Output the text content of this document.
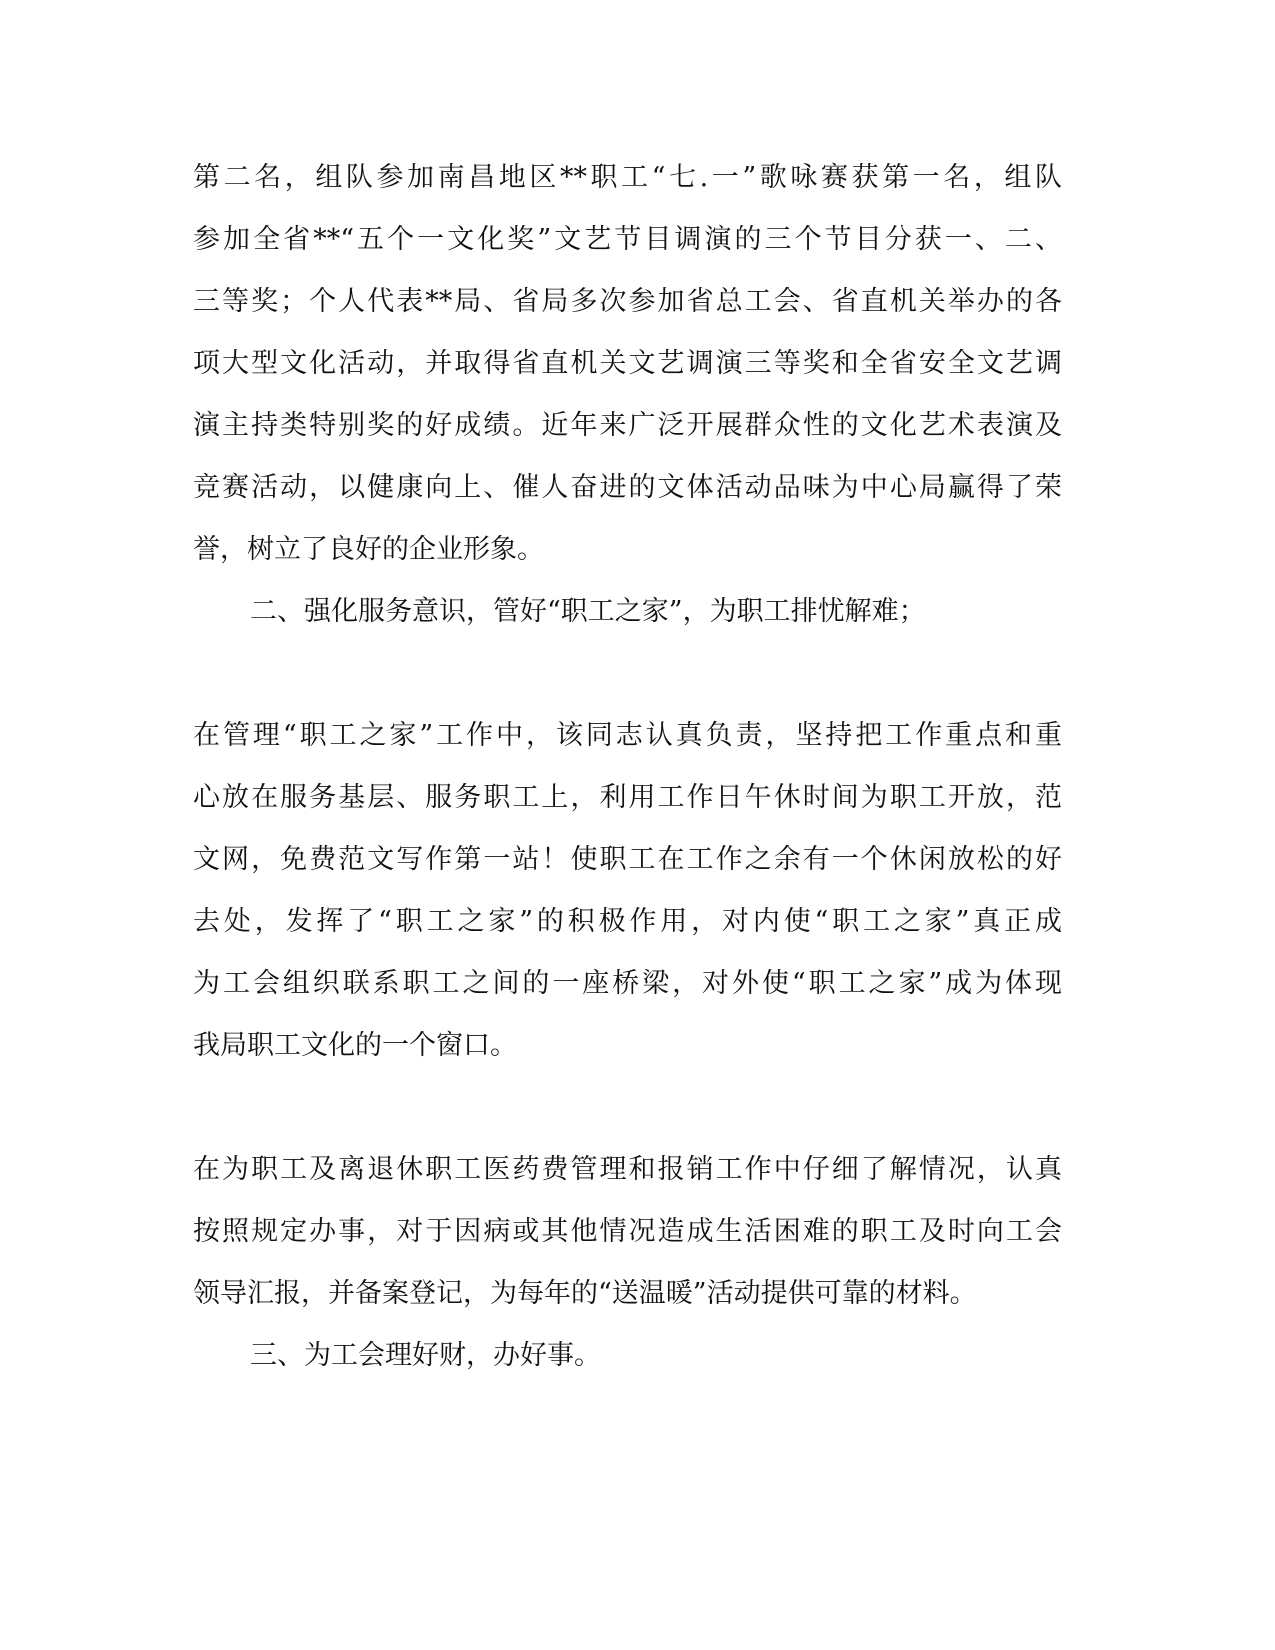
第二名，组队参加南昌地区**职工“七.一”歌咏赛获第一名，组队

参加全省**“五个一文化奖”文艺节目调演的三个节目分获一、二、

三等奖；个人代表**局、省局多次参加省总工会、省直机关举办的各

项大型文化活动，并取得省直机关文艺调演三等奖和全省安全文艺调

演主持类特别奖的好成绩。近年来广泛开展群众性的文化艺术表演及

竞赛活动，以健康向上、催人奋进的文体活动品味为中心局赢得了荣

誉，树立了良好的企业形象。

二、强化服务意识，管好“职工之家”，为职工排忧解难；

在管理“职工之家”工作中，该同志认真负责，坚持把工作重点和重

心放在服务基层、服务职工上，利用工作日午休时间为职工开放，范

文网，免费范文写作第一站！使职工在工作之余有一个休闲放松的好

去处，发挥了“职工之家”的积极作用，对内使“职工之家”真正成

为工会组织联系职工之间的一座桥梁，对外使“职工之家”成为体现

我局职工文化的一个窗口。

在为职工及离退休职工医药费管理和报销工作中仔细了解情况，认真

按照规定办事，对于因病或其他情况造成生活困难的职工及时向工会

领导汇报，并备案登记，为每年的“送温暖”活动提供可靠的材料。

三、为工会理好财，办好事。
